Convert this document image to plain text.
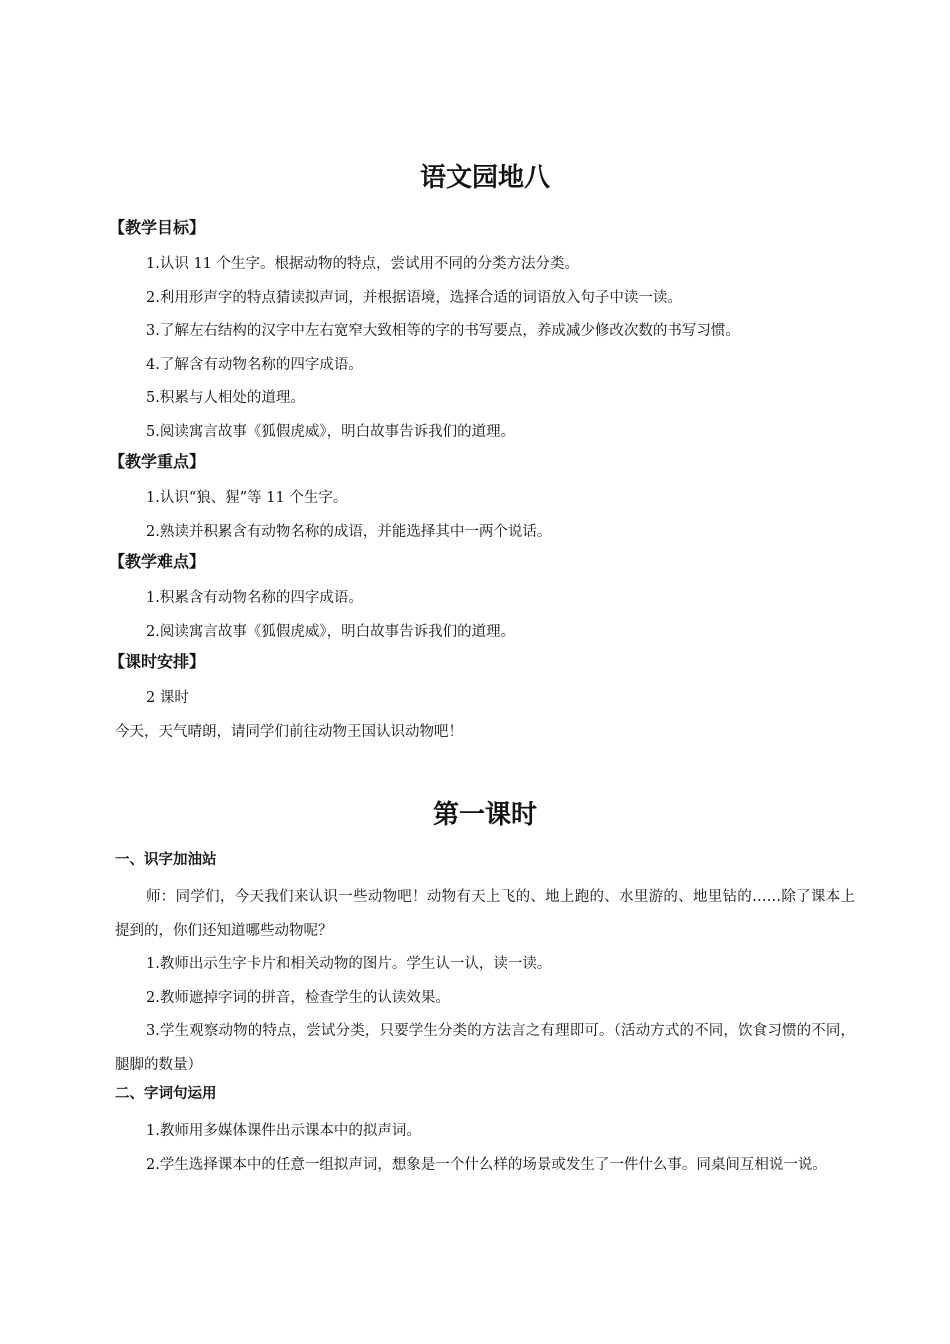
语文园地八
【教学目标】

1.认识 11 个生字。根据动物的特点，尝试用不同的分类方法分类。

2.利用形声字的特点猜读拟声词，并根据语境，选择合适的词语放入句子中读一读。

3.了解左右结构的汉字中左右宽窄大致相等的字的书写要点，养成减少修改次数的书写习惯。

4.了解含有动物名称的四字成语。

5.积累与人相处的道理。

5.阅读寓言故事《狐假虎威》，明白故事告诉我们的道理。

【教学重点】

1.认识“狼、猩”等 11 个生字。

2.熟读并积累含有动物名称的成语，并能选择其中一两个说话。

【教学难点】

1.积累含有动物名称的四字成语。

2.阅读寓言故事《狐假虎威》，明白故事告诉我们的道理。

【课时安排】

2 课时

今天，天气晴朗，请同学们前往动物王国认识动物吧！

第一课时
一、识字加油站

师：同学们，今天我们来认识一些动物吧！动物有天上飞的、地上跑的、水里游的、地里钻的……除了课本上提到的，你们还知道哪些动物呢？

1.教师出示生字卡片和相关动物的图片。学生认一认，读一读。

2.教师遮掉字词的拼音，检查学生的认读效果。

3.学生观察动物的特点，尝试分类，只要学生分类的方法言之有理即可。（活动方式的不同，饮食习惯的不同，腿脚的数量）

二、字词句运用

1.教师用多媒体课件出示课本中的拟声词。

2.学生选择课本中的任意一组拟声词，想象是一个什么样的场景或发生了一件什么事。同桌间互相说一说。
